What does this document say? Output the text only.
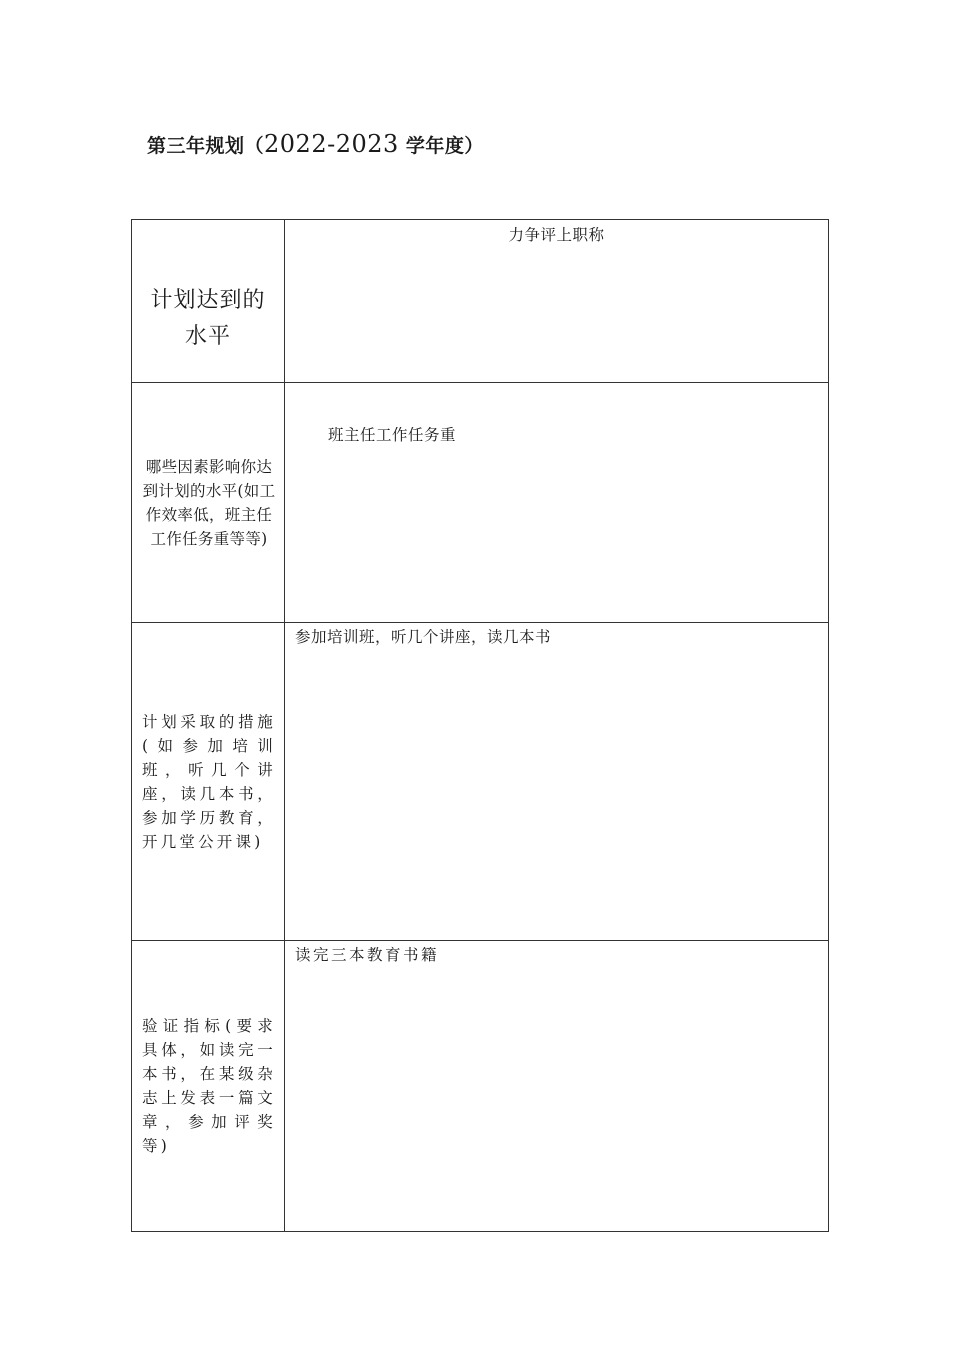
第三年规划（2022-2023 学年度）
计划达到的水平	力争评上职称

哪些因素影响你达到计划的水平(如工作效率低，班主任工作任务重等等)	班主任工作任务重

计划采取的措施(如参加培训班，听几个讲座，读几本书，参加学历教育，开几堂公开课)	参加培训班，听几个讲座，读几本书

验证指标(要求具体，如读完一本书，在某级杂志上发表一篇文章，参加评奖等)	读完三本教育书籍
